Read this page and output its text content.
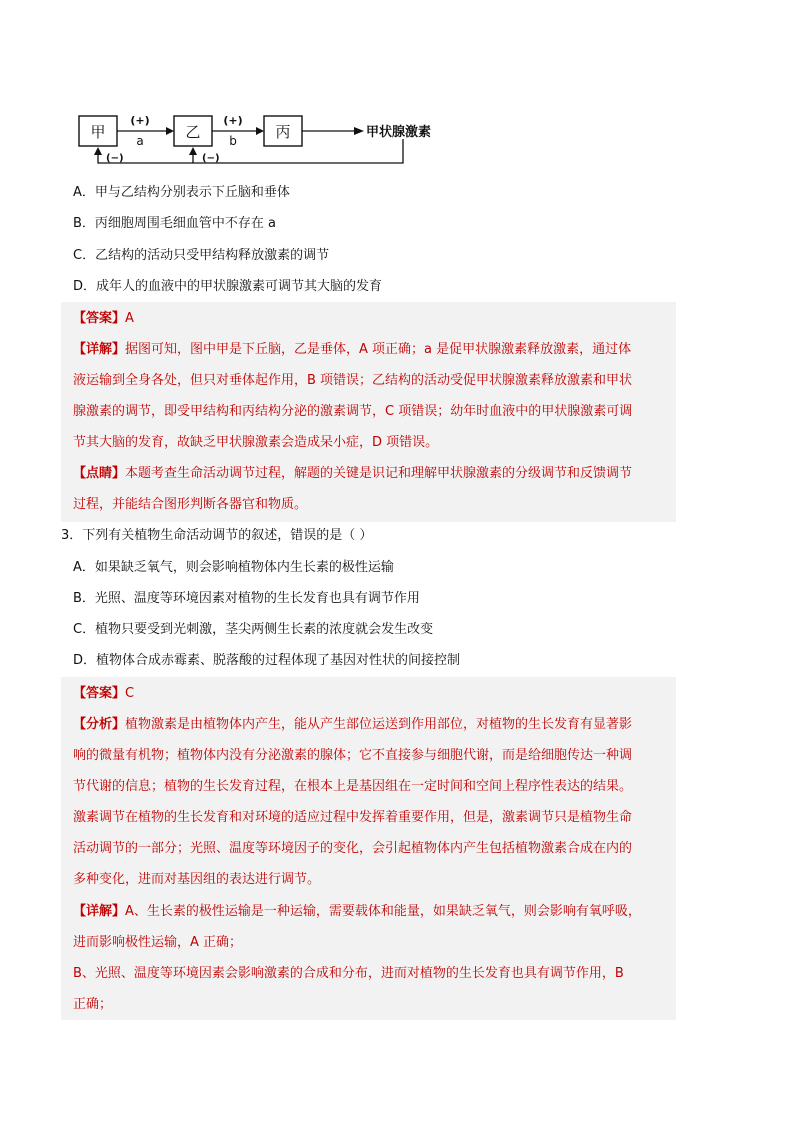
甲
(+)
a	乙
(+)
b	丙	甲状腺激素
(−)	(−)
A．甲与乙结构分别表示下丘脑和垂体
B．丙细胞周围毛细血管中不存在 a
C．乙结构的活动只受甲结构释放激素的调节
D．成年人的血液中的甲状腺激素可调节其大脑的发育
【答案】A
【详解】据图可知，图中甲是下丘脑，乙是垂体，A 项正确；a 是促甲状腺激素释放激素，通过体
液运输到全身各处，但只对垂体起作用，B 项错误；乙结构的活动受促甲状腺激素释放激素和甲状
腺激素的调节，即受甲结构和丙结构分泌的激素调节，C 项错误；幼年时血液中的甲状腺激素可调
节其大脑的发育，故缺乏甲状腺激素会造成呆小症，D 项错误。
【点睛】本题考查生命活动调节过程，解题的关键是识记和理解甲状腺激素的分级调节和反馈调节
过程，并能结合图形判断各器官和物质。
3．下列有关植物生命活动调节的叙述，错误的是（ ）
A．如果缺乏氧气，则会影响植物体内生长素的极性运输
B．光照、温度等环境因素对植物的生长发育也具有调节作用
C．植物只要受到光刺激，茎尖两侧生长素的浓度就会发生改变
D．植物体合成赤霉素、脱落酸的过程体现了基因对性状的间接控制
【答案】C
【分析】植物激素是由植物体内产生，能从产生部位运送到作用部位，对植物的生长发育有显著影
响的微量有机物；植物体内没有分泌激素的腺体；它不直接参与细胞代谢，而是给细胞传达一种调
节代谢的信息；植物的生长发育过程，在根本上是基因组在一定时间和空间上程序性表达的结果。
激素调节在植物的生长发育和对环境的适应过程中发挥着重要作用，但是，激素调节只是植物生命
活动调节的一部分；光照、温度等环境因子的变化，会引起植物体内产生包括植物激素合成在内的
多种变化，进而对基因组的表达进行调节。
【详解】A、生长素的极性运输是一种运输，需要载体和能量，如果缺乏氧气，则会影响有氧呼吸，
进而影响极性运输，A 正确；
B、光照、温度等环境因素会影响激素的合成和分布，进而对植物的生长发育也具有调节作用，B
正确；
